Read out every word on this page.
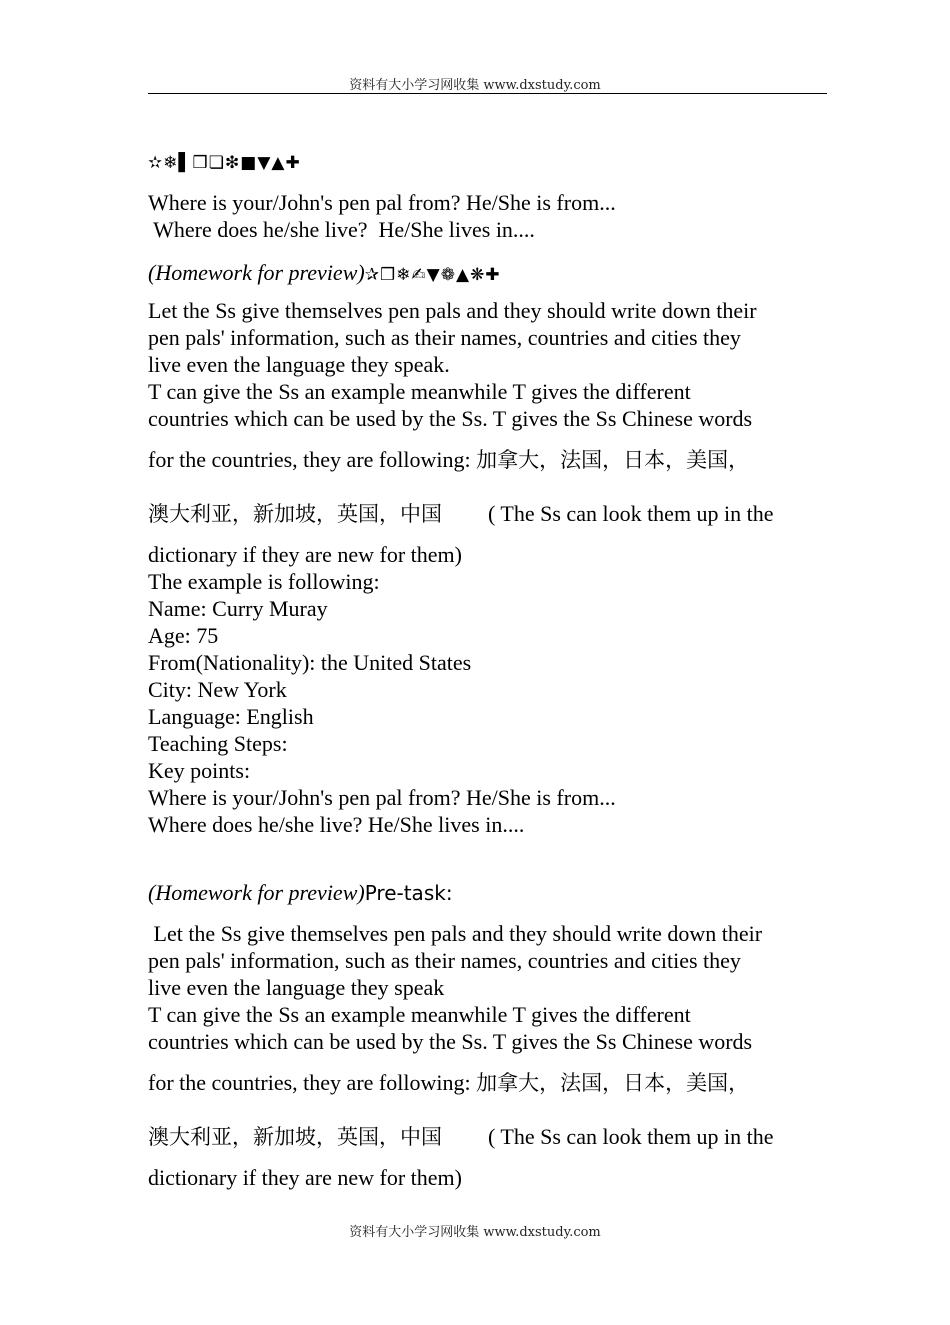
资料有大小学习网收集 www.dxstudy.com
✫❄▌❒❏❇■▼▲✚
Where is your/John's pen pal from? He/She is from...
Where does he/she live?  He/She lives in....
(Homework for preview)✰❒❄✍▼❁▲❋✚
Let the Ss give themselves pen pals and they should write down their
pen pals' information, such as their names, countries and cities they
live even the language they speak.
T can give the Ss an example meanwhile T gives the different
countries which can be used by the Ss. T gives the Ss Chinese words
for the countries, they are following: 加拿大，法国，日本，美国，
澳大利亚，新加坡，英国，中国 ( The Ss can look them up in the
dictionary if they are new for them)
The example is following:
Name: Curry Muray
Age: 75
From(Nationality): the United States
City: New York
Language: English
Teaching Steps:
Key points:
Where is your/John's pen pal from? He/She is from...
Where does he/she live? He/She lives in....
(Homework for preview)Pre-task:
Let the Ss give themselves pen pals and they should write down their
pen pals' information, such as their names, countries and cities they
live even the language they speak
T can give the Ss an example meanwhile T gives the different
countries which can be used by the Ss. T gives the Ss Chinese words
for the countries, they are following: 加拿大，法国，日本，美国，
澳大利亚，新加坡，英国，中国 ( The Ss can look them up in the
dictionary if they are new for them)
资料有大小学习网收集 www.dxstudy.com
